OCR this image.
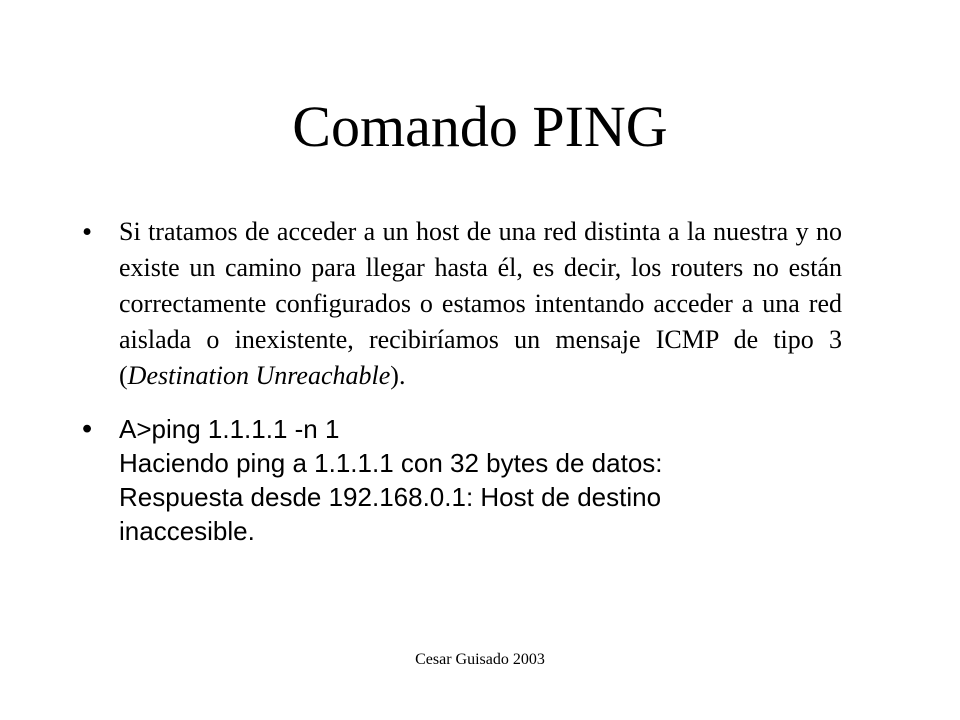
Comando PING
• Si tratamos de acceder a un host de una red distinta a la nuestra y no existe un camino para llegar hasta él, es decir, los routers no están correctamente configurados o estamos intentando acceder a una red aislada o inexistente, recibiríamos un mensaje ICMP de tipo 3 (Destination Unreachable).
• A>ping 1.1.1.1 -n 1
Haciendo ping a 1.1.1.1 con 32 bytes de datos:
Respuesta desde 192.168.0.1: Host de destino
inaccesible.
Cesar Guisado 2003
